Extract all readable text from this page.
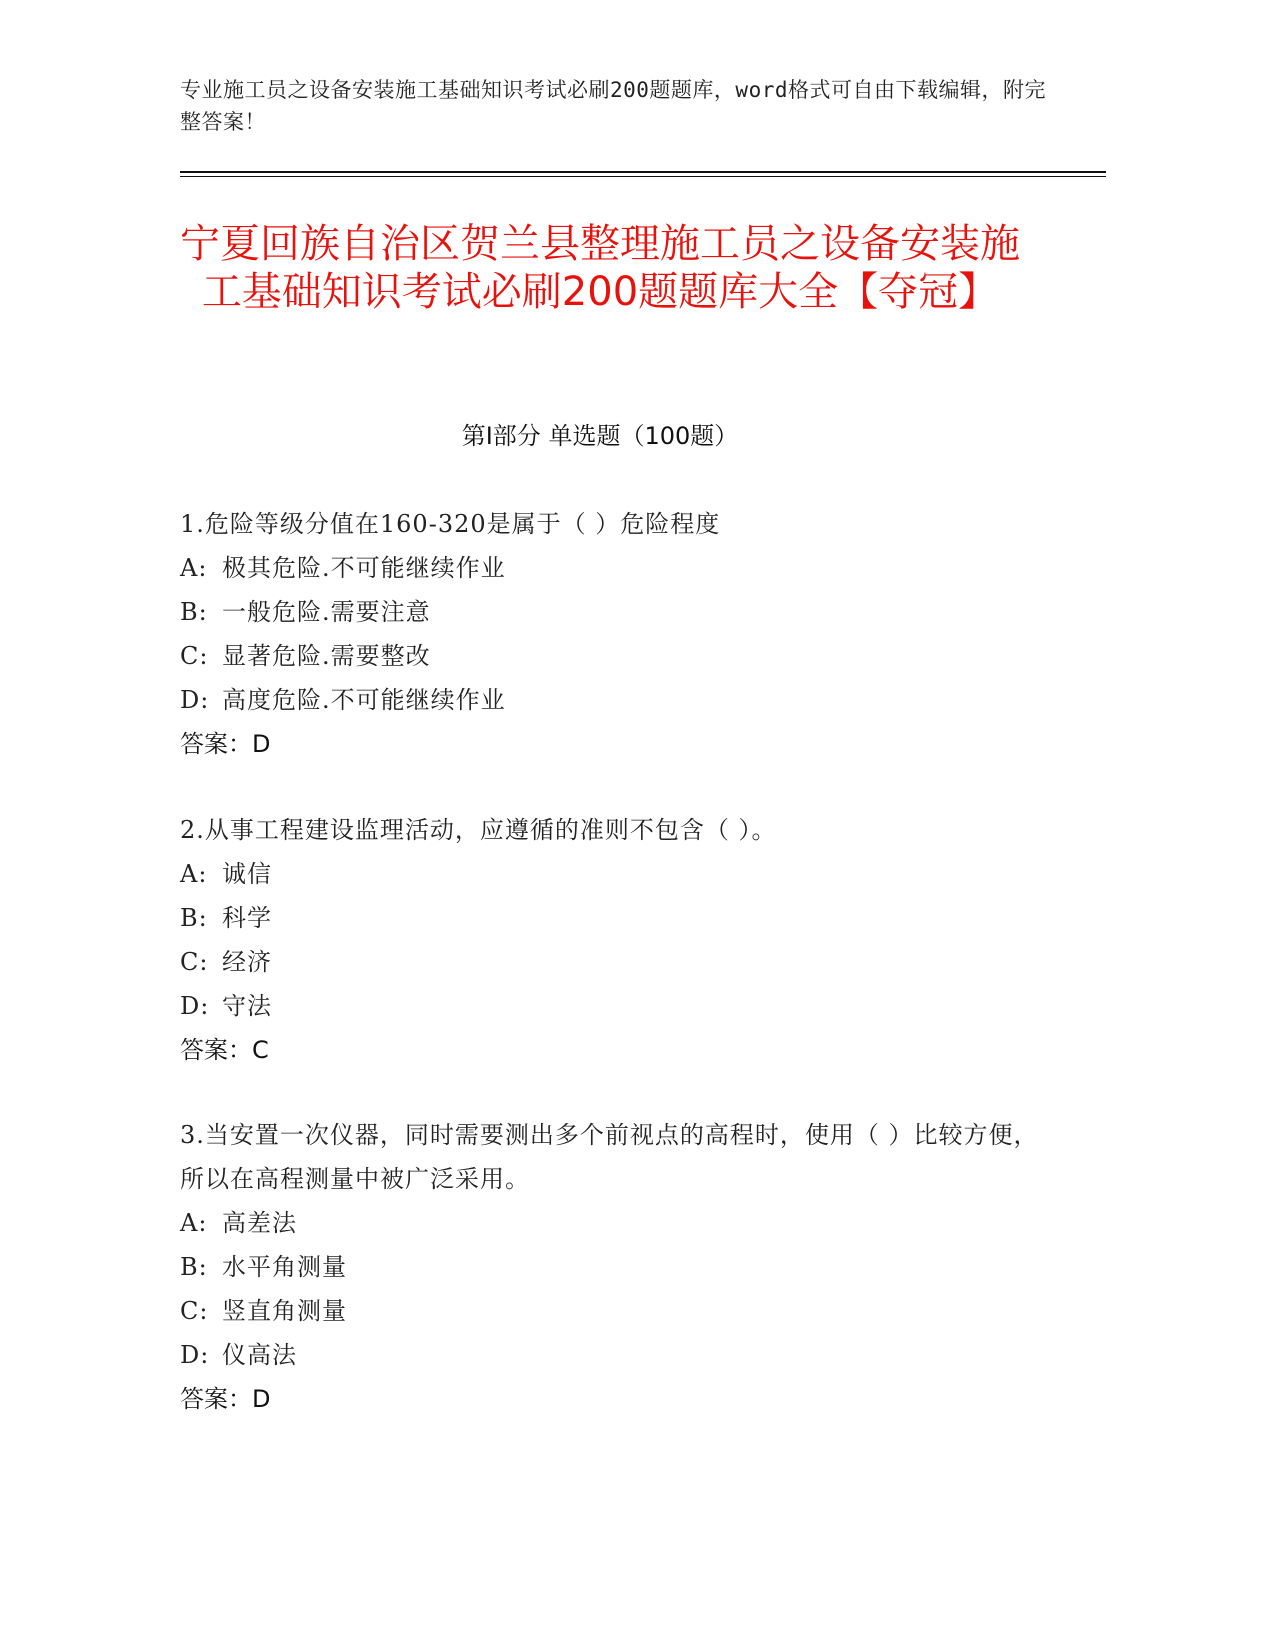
专业施工员之设备安装施工基础知识考试必刷200题题库，word格式可自由下载编辑，附完整答案！
宁夏回族自治区贺兰县整理施工员之设备安装施工基础知识考试必刷200题题库大全【夺冠】
第I部分 单选题（100题）
1.危险等级分值在160-320是属于（ ）危险程度
A: 极其危险.不可能继续作业
B: 一般危险.需要注意
C: 显著危险.需要整改
D: 高度危险.不可能继续作业
答案：D
2.从事工程建设监理活动，应遵循的准则不包含（ ）。
A: 诚信
B: 科学
C: 经济
D: 守法
答案：C
3.当安置一次仪器，同时需要测出多个前视点的高程时，使用（ ）比较方便，所以在高程测量中被广泛采用。
A: 高差法
B: 水平角测量
C: 竖直角测量
D: 仪高法
答案：D
